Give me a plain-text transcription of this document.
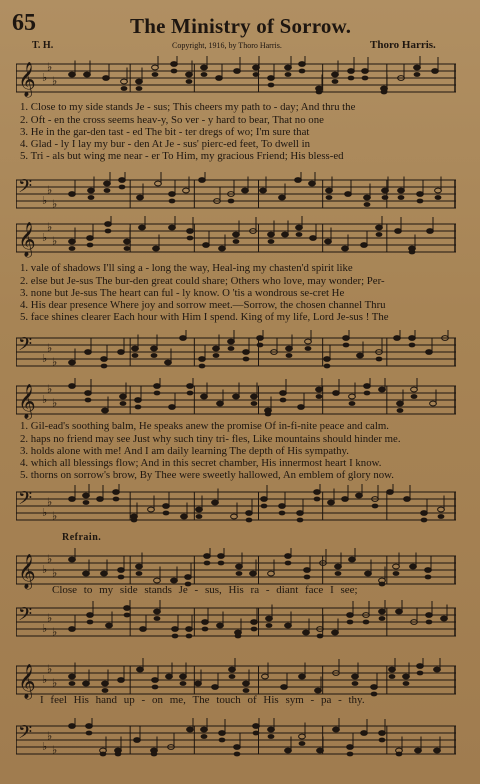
65	The Ministry of Sorrow.
T. H.	Copyright, 1916, by Thoro Harris.	Thoro Harris.
𝄞 ♭
♭
♭
𝄢 ♭
♭
♭
𝄞 ♭
♭
♭
𝄢 ♭
♭
♭
𝄞 ♭
♭
♭
𝄢 ♭
♭
♭
𝄞 ♭
♭
♭
𝄢 ♭
♭
♭
𝄞 ♭
♭
♭
𝄢 ♭
♭
♭
1. Close to my side stands Je - sus; This cheers my path to - day; And thru the
2. Oft - en the cross seems heav-y, So ver - y hard to bear, That no one
3. He in the gar-den tast - ed The bit - ter dregs of wo; I'm sure that
4. Glad - ly I lay my bur - den At Je - sus' pierc-ed feet, To dwell in
5. Tri - als but wing me near - er To Him, my gracious Friend; His bless-ed
1. vale of shadows I'll sing a - long the way, Heal-ing my chasten'd spirit like
2. else but Je-sus The bur-den great could share; Others who love, may wonder; Per-
3. none but Je-sus The heart can ful - ly know. O 'tis a wondrous se-cret He
4. His dear presence Where joy and sorrow meet.—Sorrow, the chosen channel Thru
5. face shines clearer Each hour with Him I spend. King of my life, Lord Je-sus ! The
1. Gil-ead's soothing balm, He speaks anew the promise Of in-fi-nite peace and calm.
2. haps no friend may see Just why such tiny tri- fles, Like mountains should hinder me.
3. holds alone with me! And I am daily learning The depth of His sympathy.
4. which all blessings flow; And in this secret chamber, His innermost heart I know.
5. thorns on sorrow's brow, By Thee were sweetly hallowed, An emblem of glory now.
Refrain.
Close to my side stands Je - sus, His ra - diant face I see;
I feel His hand up - on me, The touch of His sym - pa - thy.
